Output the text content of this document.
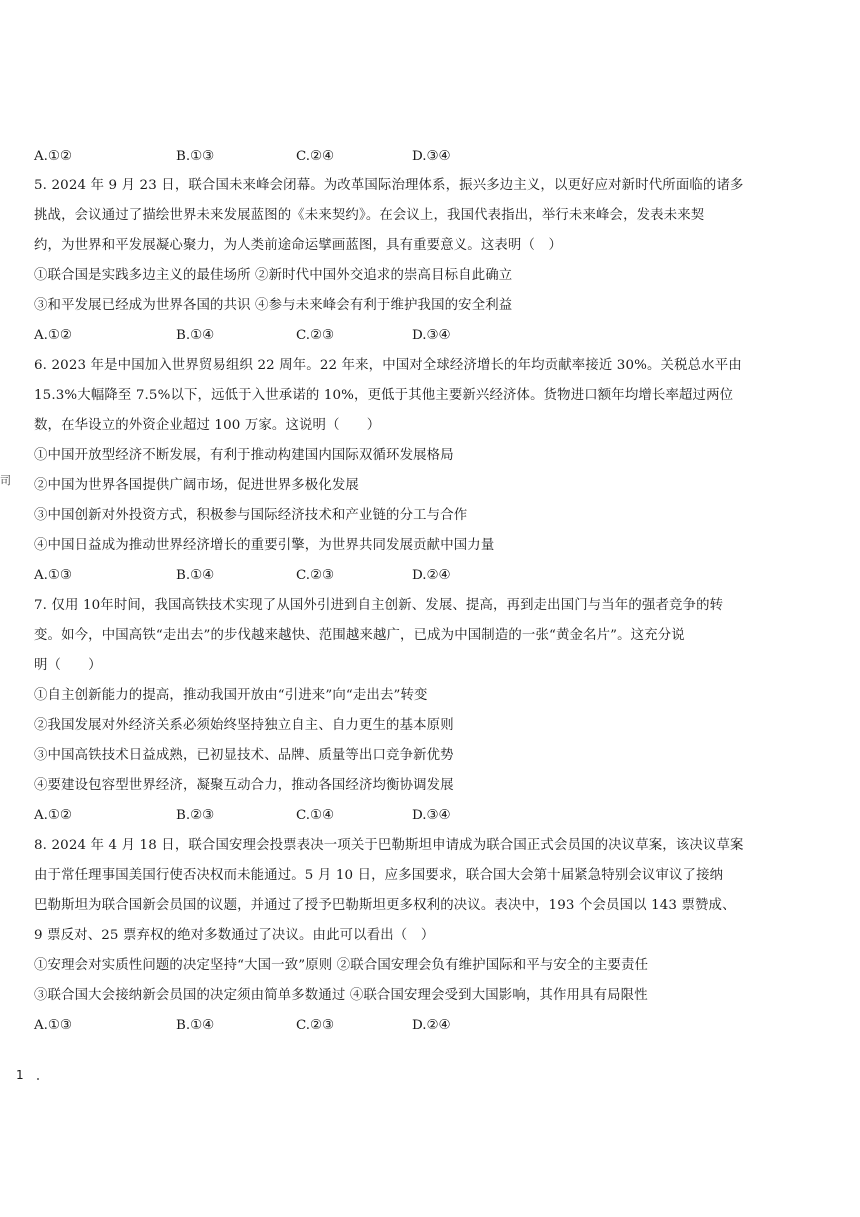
A.①②	B.①③	C.②④	D.③④
5. 2024 年 9 月 23 日，联合国未来峰会闭幕。为改革国际治理体系，振兴多边主义，以更好应对新时代所面临的诸多
挑战，会议通过了描绘世界未来发展蓝图的《未来契约》。在会议上，我国代表指出，举行未来峰会，发表未来契
约，为世界和平发展凝心聚力，为人类前途命运擘画蓝图，具有重要意义。这表明（　）
①联合国是实践多边主义的最佳场所 ②新时代中国外交追求的崇高目标自此确立
③和平发展已经成为世界各国的共识 ④参与未来峰会有利于维护我国的安全利益
A.①②	B.①④	C.②③	D.③④
6. 2023 年是中国加入世界贸易组织 22 周年。22 年来，中国对全球经济增长的年均贡献率接近 30%。关税总水平由
15.3%大幅降至 7.5%以下，远低于入世承诺的 10%，更低于其他主要新兴经济体。货物进口额年均增长率超过两位
数，在华设立的外资企业超过 100 万家。这说明（　　）
①中国开放型经济不断发展，有利于推动构建国内国际双循环发展格局
②中国为世界各国提供广阔市场，促进世界多极化发展
③中国创新对外投资方式，积极参与国际经济技术和产业链的分工与合作
④中国日益成为推动世界经济增长的重要引擎，为世界共同发展贡献中国力量
A.①③	B.①④	C.②③	D.②④
7. 仅用 10年时间，我国高铁技术实现了从国外引进到自主创新、发展、提高，再到走出国门与当年的强者竞争的转
变。如今，中国高铁“走出去”的步伐越来越快、范围越来越广，已成为中国制造的一张“黄金名片”。这充分说
明（　　）
①自主创新能力的提高，推动我国开放由“引进来”向“走出去”转变
②我国发展对外经济关系必须始终坚持独立自主、自力更生的基本原则
③中国高铁技术日益成熟，已初显技术、品牌、质量等出口竞争新优势
④要建设包容型世界经济，凝聚互动合力，推动各国经济均衡协调发展
A.①②	B.②③	C.①④	D.③④
8. 2024 年 4 月 18 日，联合国安理会投票表决一项关于巴勒斯坦申请成为联合国正式会员国的决议草案，该决议草案
由于常任理事国美国行使否决权而未能通过。5 月 10 日，应多国要求，联合国大会第十届紧急特别会议审议了接纳
巴勒斯坦为联合国新会员国的议题，并通过了授予巴勒斯坦更多权利的决议。表决中，193 个会员国以 143 票赞成、
9 票反对、25 票弃权的绝对多数通过了决议。由此可以看出（　）
①安理会对实质性问题的决定坚持“大国一致”原则 ②联合国安理会负有维护国际和平与安全的主要责任
③联合国大会接纳新会员国的决定须由简单多数通过 ④联合国安理会受到大国影响，其作用具有局限性
A.①③	B.①④	C.②③	D.②④
司
1
